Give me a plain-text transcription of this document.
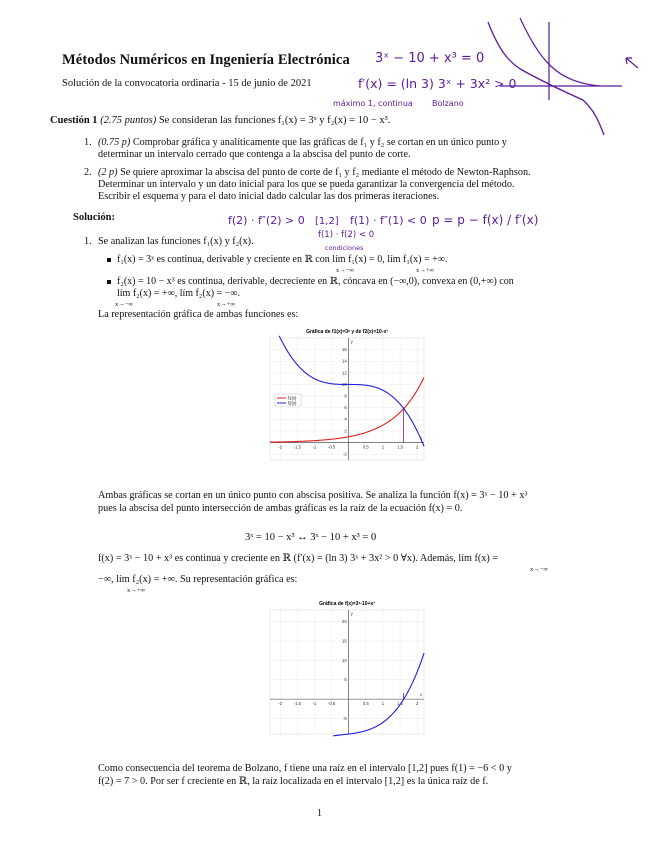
Métodos Numéricos en Ingeniería Electrónica
Solución de la convocatoria ordinaria - 15 de junio de 2021
Cuestión 1 (2.75 puntos) Se consideran las funciones f₁(x) = 3ˣ y f₂(x) = 10 − x³.
1. (0.75 p) Comprobar gráfica y analíticamente que las gráficas de f₁ y f₂ se cortan en un único punto y
determinar un intervalo cerrado que contenga a la abscisa del punto de corte.
2. (2 p) Se quiere aproximar la abscisa del punto de corte de f₁ y f₂ mediante el método de Newton-Raphson.
Determinar un intervalo y un dato inicial para los que se pueda garantizar la convergencia del método.
Escribir el esquema y para el dato inicial dado calcular las dos primeras iteraciones.
Solución:
1. Se analizan las funciones f₁(x) y f₂(x).
f₁(x) = 3ˣ es continua, derivable y creciente en ℝ con lím f₁(x) = 0, lím f₁(x) = +∞.
x→−∞	x→+∞
f₂(x) = 10 − x³ es continua, derivable, decreciente en ℝ, cóncava en (−∞,0), convexa en (0,+∞) con
lím f₂(x) = +∞, lím f₂(x) = −∞.
x→−∞	x→+∞
La representación gráfica de ambas funciones es:
Gráfica de f1(x)=3ˣ y de f2(x)=10-x³
-2	-1.5	-1	-0.5	0.5	1	1.5	2
-2
2
4
6
8
10
12
14
16
x
y
f1(x)
f2(x)
Ambas gráficas se cortan en un único punto con abscisa positiva. Se analiza la función f(x) = 3ˣ − 10 + x³
pues la abscisa del punto intersección de ambas gráficas es la raíz de la ecuación f(x) = 0.
3ˣ = 10 − x³ ↔ 3ˣ − 10 + x³ = 0
f(x) = 3ˣ − 10 + x³ es continua y creciente en ℝ (f′(x) = (ln 3) 3ˣ + 3x² > 0 ∀x). Además, lím f(x) =
−∞, lím f₂(x) = +∞. Su representación gráfica es:
x→−∞
x→+∞
Gráfica de f(x)=3ˣ-10+x³
-2	-1.5	-1	-0.5	0.5	1	1.5	2
-5
5
10
15
20
x
y
Como consecuencia del teorema de Bolzano, f tiene una raíz en el intervalo [1,2] pues f(1) = −6 < 0 y
f(2) = 7 > 0. Por ser f creciente en ℝ, la raíz localizada en el intervalo [1,2] es la única raíz de f.
1
3ˣ − 10 + x³ = 0
f′(x) = (ln 3) 3ˣ + 3x² > 0
máximo 1, continua Bolzano
f(2) · f″(2) > 0 [1,2] f(1) · f″(1) < 0
f(1) · f(2) < 0
condiciones
p = p − f(x) / f′(x)
